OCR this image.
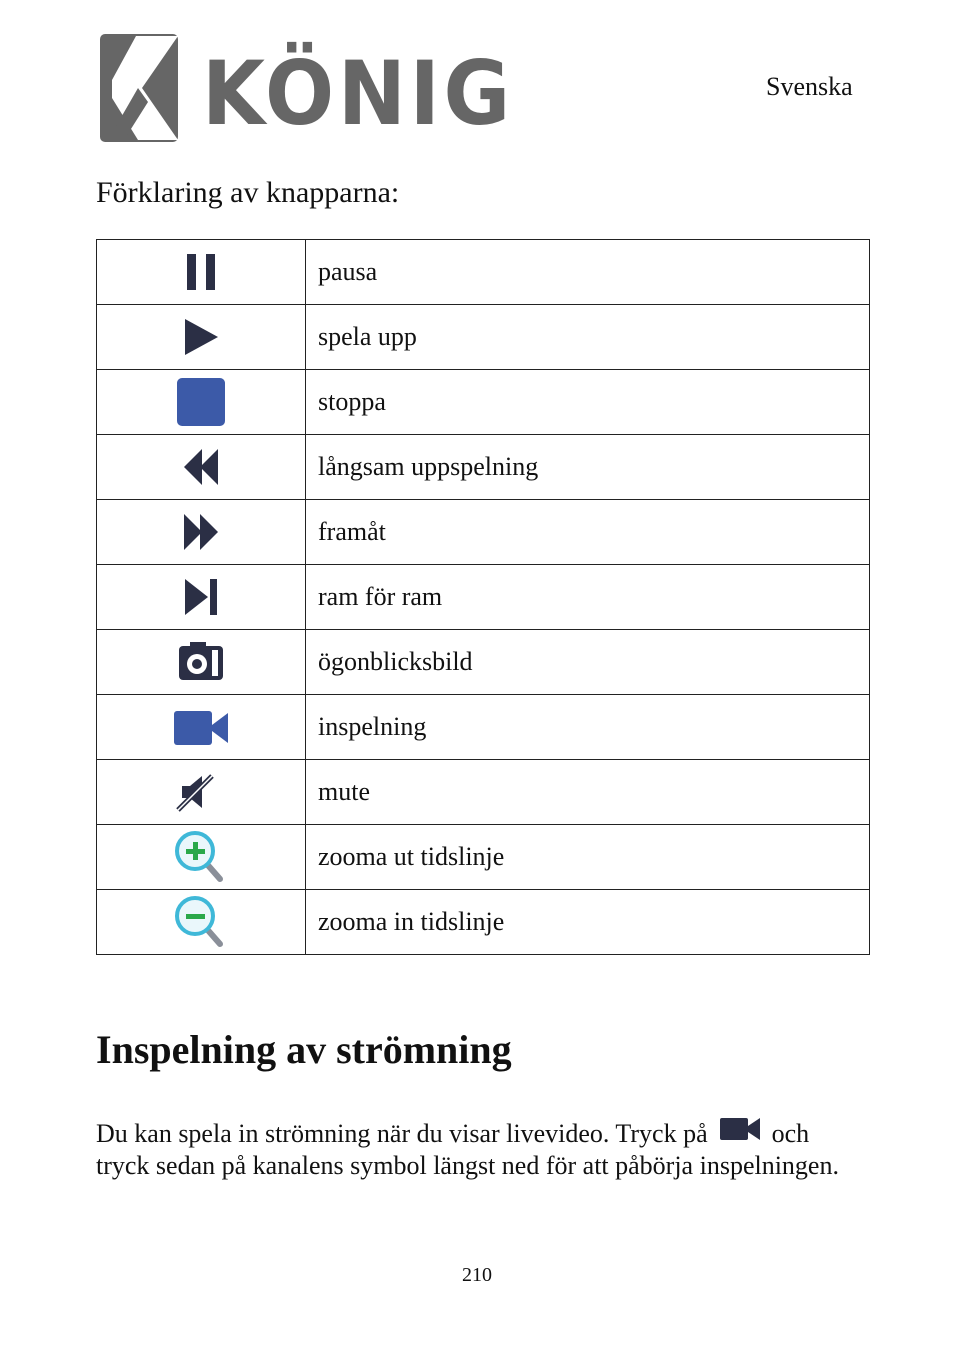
KÖNIG	Svenska
Förklaring av knapparna:
	pausa

	spela upp

	stoppa

	långsam uppspelning

	framåt

	ram för ram

	ögonblicksbild

	inspelning

	mute

	zooma ut tidslinje

	zooma in tidslinje
Inspelning av strömning
Du kan spela in strömning när du visar livevideo. Tryck på och tryck sedan på kanalens symbol längst ned för att påbörja inspelningen.
210
